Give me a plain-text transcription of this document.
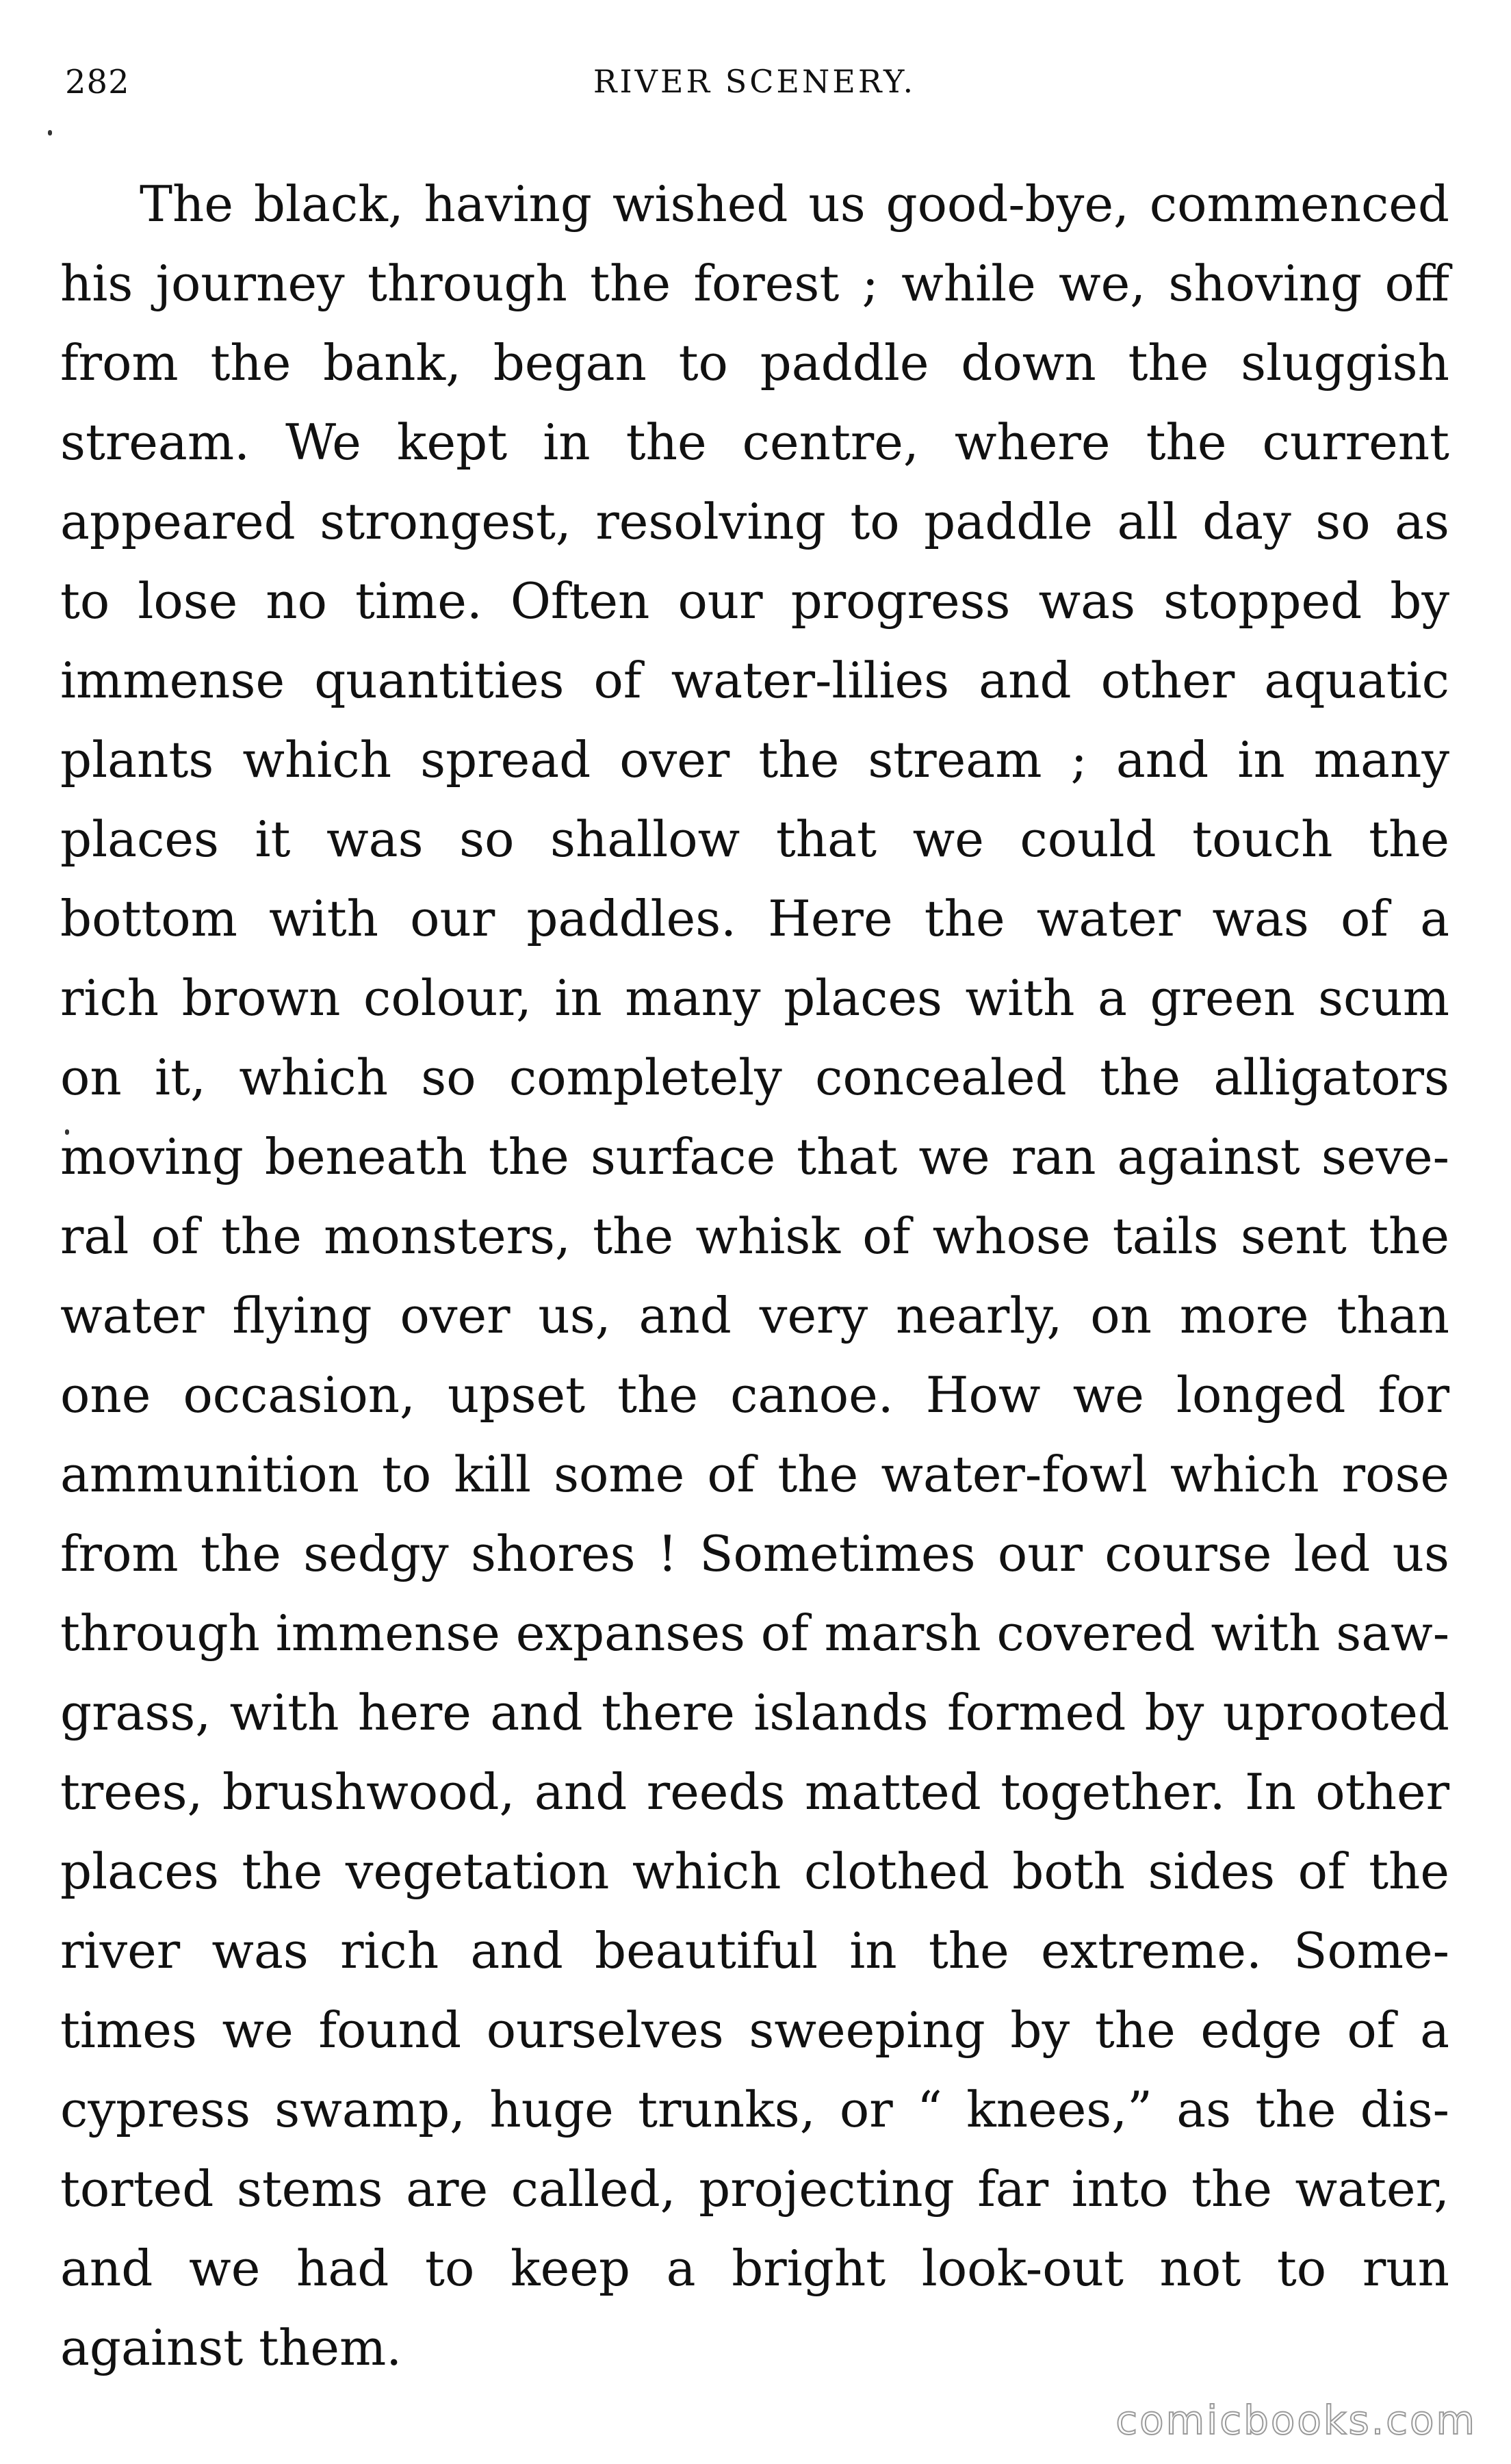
282	RIVER SCENERY.
The black, having wished us good-bye, commenced
his journey through the forest ; while we, shoving off
from the bank, began to paddle down the sluggish
stream. We kept in the centre, where the current
appeared strongest, resolving to paddle all day so as
to lose no time. Often our progress was stopped by
immense quantities of water-lilies and other aquatic
plants which spread over the stream ; and in many
places it was so shallow that we could touch the
bottom with our paddles. Here the water was of a
rich brown colour, in many places with a green scum
on it, which so completely concealed the alligators
moving beneath the surface that we ran against seve-
ral of the monsters, the whisk of whose tails sent the
water flying over us, and very nearly, on more than
one occasion, upset the canoe. How we longed for
ammunition to kill some of the water-fowl which rose
from the sedgy shores ! Sometimes our course led us
through immense expanses of marsh covered with saw-
grass, with here and there islands formed by uprooted
trees, brushwood, and reeds matted together. In other
places the vegetation which clothed both sides of the
river was rich and beautiful in the extreme. Some-
times we found ourselves sweeping by the edge of a
cypress swamp, huge trunks, or “ knees,” as the dis-
torted stems are called, projecting far into the water,
and we had to keep a bright look-out not to run
against them.
comicbooks.com
